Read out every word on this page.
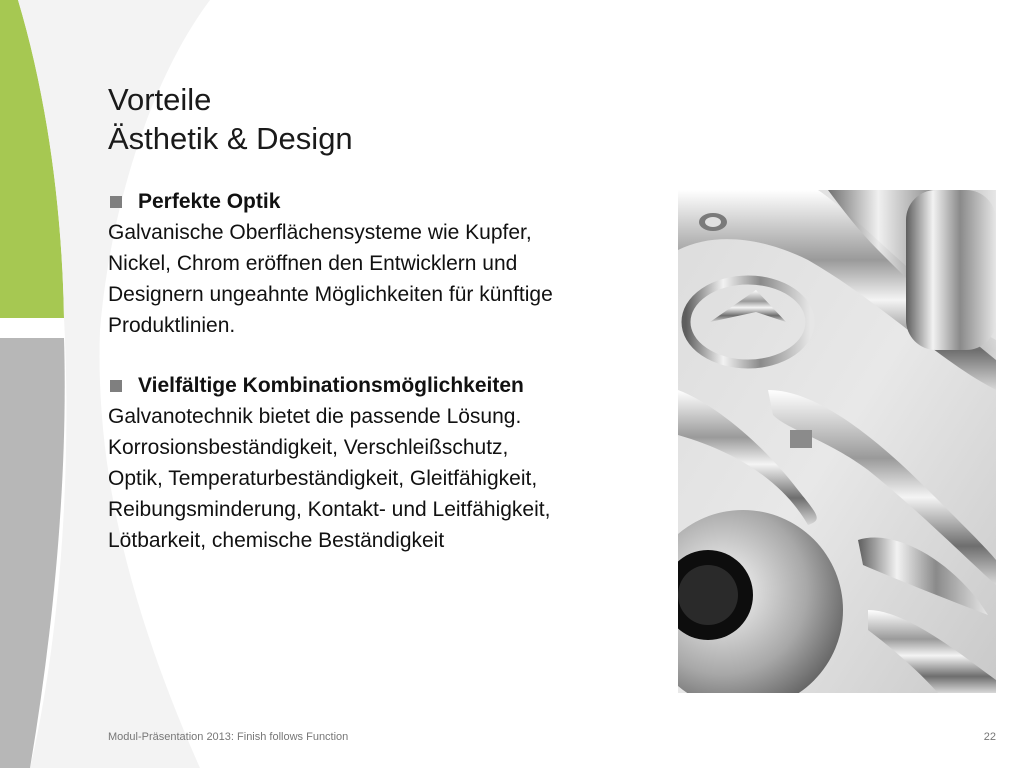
Vorteile
Ästhetik & Design
Perfekte Optik
Galvanische Oberflächensysteme wie Kupfer,
Nickel, Chrom eröffnen den Entwicklern und
Designern ungeahnte Möglichkeiten für künftige
Produktlinien.
Vielfältige Kombinationsmöglichkeiten
Galvanotechnik bietet die passende Lösung.
Korrosionsbeständigkeit, Verschleißschutz,
Optik, Temperaturbeständigkeit, Gleitfähigkeit,
Reibungsminderung, Kontakt- und Leitfähigkeit,
Lötbarkeit, chemische Beständigkeit
Modul-Präsentation 2013: Finish follows Function	22
